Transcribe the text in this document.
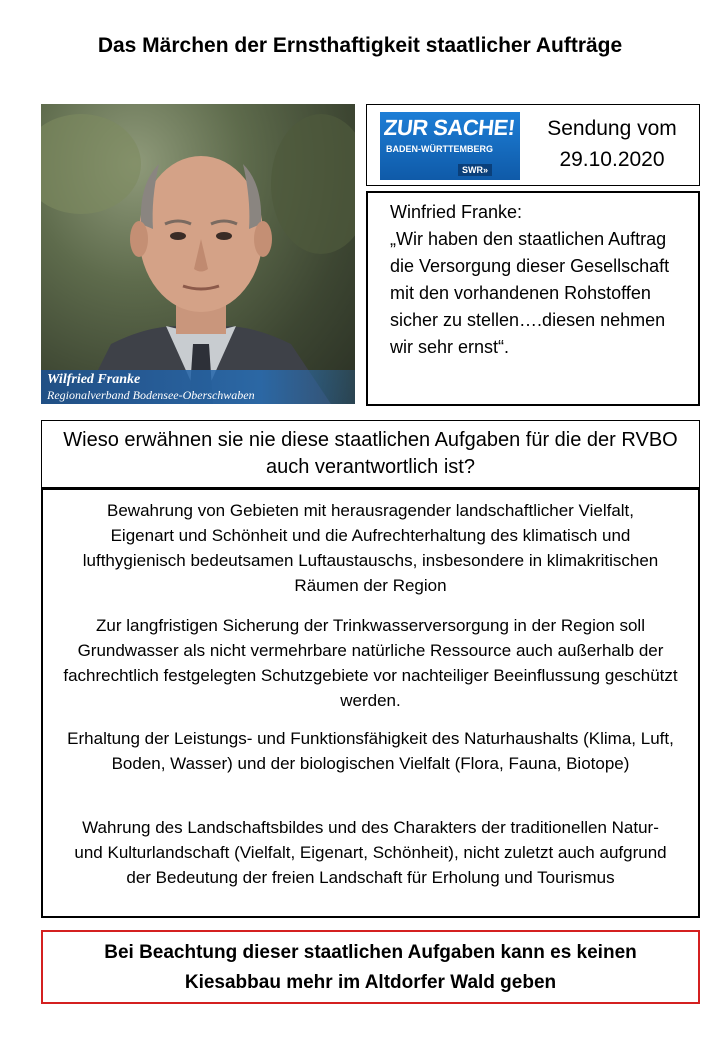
Das Märchen der Ernsthaftigkeit staatlicher Aufträge
Wilfried Franke
Regionalverband Bodensee-Oberschwaben
ZUR SACHE!
BADEN-WÜRTTEMBERG
SWR»
Sendung vom
29.10.2020
Winfried Franke:
„Wir haben den staatlichen Auftrag die Versorgung dieser Gesellschaft mit den vorhandenen Rohstoffen sicher zu stellen….diesen nehmen wir sehr ernst“.
Wieso erwähnen sie nie diese staatlichen Aufgaben für die der RVBO auch verantwortlich ist?
Bewahrung von Gebieten mit herausragender landschaftlicher Vielfalt, Eigenart und Schönheit und die Aufrechterhaltung des klimatisch und lufthygienisch bedeutsamen Luftaustauschs, insbesondere in klimakritischen Räumen der Region
Zur langfristigen Sicherung der Trinkwasserversorgung in der Region soll Grundwasser als nicht vermehrbare natürliche Ressource auch außerhalb der fachrechtlich festgelegten Schutzgebiete vor nachteiliger Beeinflussung geschützt werden.
Erhaltung der Leistungs- und Funktionsfähigkeit des Naturhaushalts (Klima, Luft, Boden, Wasser) und der biologischen Vielfalt (Flora, Fauna, Biotope)
Wahrung des Landschaftsbildes und des Charakters der traditionellen Natur- und Kulturlandschaft (Vielfalt, Eigenart, Schönheit), nicht zuletzt auch aufgrund der Bedeutung der freien Landschaft für Erholung und Tourismus
Bei Beachtung dieser staatlichen Aufgaben kann es keinen Kiesabbau mehr im Altdorfer Wald geben
